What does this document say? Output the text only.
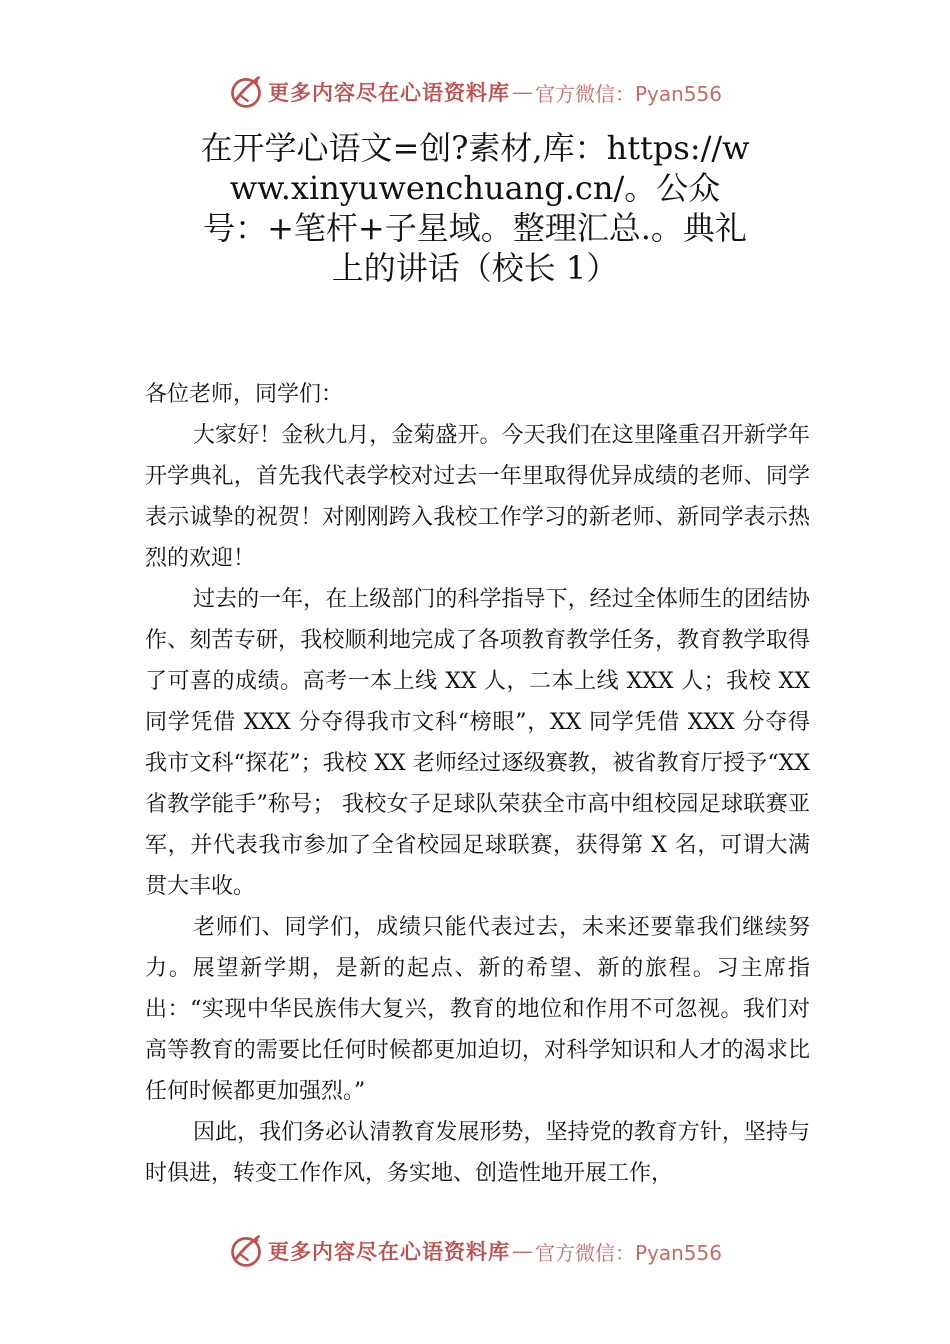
更多内容尽在心语资料库 — 官方微信：Pyan556
在开学心语文=创?素材,库：https://www.xinyuwenchuang.cn/。公众号：+笔杆+子星域。整理汇总.。典礼上的讲话（校长 1）

各位老师，同学们：

大家好！金秋九月，金菊盛开。今天我们在这里隆重召开新学年开学典礼，首先我代表学校对过去一年里取得优异成绩的老师、同学表示诚挚的祝贺！对刚刚跨入我校工作学习的新老师、新同学表示热烈的欢迎！

过去的一年，在上级部门的科学指导下，经过全体师生的团结协作、刻苦专研，我校顺利地完成了各项教育教学任务，教育教学取得了可喜的成绩。高考一本上线 XX 人，二本上线 XXX 人；我校 XX 同学凭借 XXX 分夺得我市文科“榜眼”，XX 同学凭借 XXX 分夺得我市文科“探花”；我校 XX 老师经过逐级赛教，被省教育厅授予“XX 省教学能手”称号； 我校女子足球队荣获全市高中组校园足球联赛亚军，并代表我市参加了全省校园足球联赛，获得第 X 名，可谓大满贯大丰收。

老师们、同学们，成绩只能代表过去，未来还要靠我们继续努力。展望新学期，是新的起点、新的希望、新的旅程。习主席指出：“实现中华民族伟大复兴，教育的地位和作用不可忽视。我们对高等教育的需要比任何时候都更加迫切，对科学知识和人才的渴求比任何时候都更加强烈。”

因此，我们务必认清教育发展形势，坚持党的教育方针，坚持与时俱进，转变工作作风，务实地、创造性地开展工作，

更多内容尽在心语资料库 — 官方微信：Pyan556
